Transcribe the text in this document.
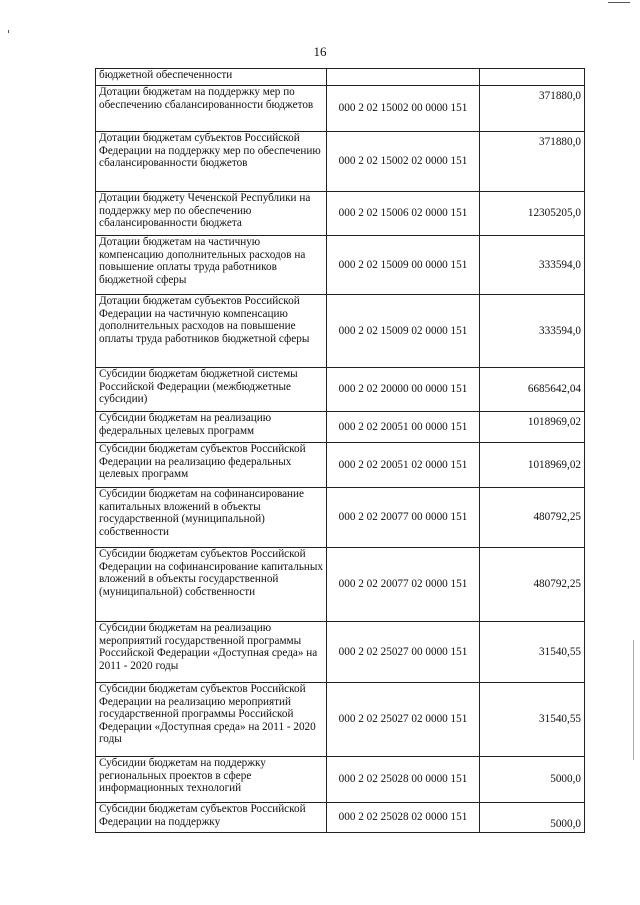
16
бюджетной обеспеченности		
Дотации бюджетам на поддержку мер по обеспечению сбалансированности бюджетов	000 2 02 15002 00 0000 151	371880,0
Дотации бюджетам субъектов Российской Федерации на поддержку мер по обеспечению сбалансированности бюджетов	000 2 02 15002 02 0000 151	371880,0
Дотации бюджету Чеченской Республики на поддержку мер по обеспечению сбалансированности бюджета	000 2 02 15006 02 0000 151	12305205,0
Дотации бюджетам на частичную компенсацию дополнительных расходов на повышение оплаты труда работников бюджетной сферы	000 2 02 15009 00 0000 151	333594,0
Дотации бюджетам субъектов Российской Федерации на частичную компенсацию дополнительных расходов на повышение оплаты труда работников бюджетной сферы	000 2 02 15009 02 0000 151	333594,0
Субсидии бюджетам бюджетной системы Российской Федерации (межбюджетные субсидии)	000 2 02 20000 00 0000 151	6685642,04
Субсидии бюджетам на реализацию федеральных целевых программ	000 2 02 20051 00 0000 151	1018969,02
Субсидии бюджетам субъектов Российской Федерации на реализацию федеральных целевых программ	000 2 02 20051 02 0000 151	1018969,02
Субсидии бюджетам на софинансирование капитальных вложений в объекты государственной (муниципальной) собственности	000 2 02 20077 00 0000 151	480792,25
Субсидии бюджетам субъектов Российской Федерации на софинансирование капитальных вложений в объекты государственной (муниципальной) собственности	000 2 02 20077 02 0000 151	480792,25
Субсидии бюджетам на реализацию мероприятий государственной программы Российской Федерации «Доступная среда» на 2011 - 2020 годы	000 2 02 25027 00 0000 151	31540,55
Субсидии бюджетам субъектов Российской Федерации на реализацию мероприятий государственной программы Российской Федерации «Доступная среда» на 2011 - 2020 годы	000 2 02 25027 02 0000 151	31540,55
Субсидии бюджетам на поддержку региональных проектов в сфере информационных технологий	000 2 02 25028 00 0000 151	5000,0
Субсидии бюджетам субъектов Российской Федерации на поддержку	000 2 02 25028 02 0000 151	5000,0
